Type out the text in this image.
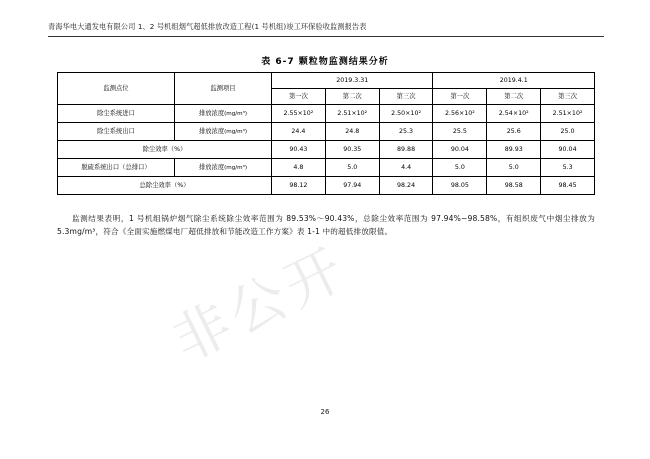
青海华电大通发电有限公司 1、2 号机组烟气超低排放改造工程(1 号机组)竣工环保验收监测报告表
表 6-7 颗粒物监测结果分析
监测点位	监测项目	2019.3.31			2019.4.1		
		第一次	第二次	第三次	第一次	第二次	第三次
除尘系统进口	排放浓度(mg/m³)	2.55×10²	2.51×10²	2.50×10²	2.56×10²	2.54×10²	2.51×10²
除尘系统出口	排放浓度(mg/m³)	24.4	24.8	25.3	25.5	25.6	25.0
除尘效率（%）		90.43	90.35	89.88	90.04	89.93	90.04
脱硫系统出口（总排口）	排放浓度(mg/m³)	4.8	5.0	4.4	5.0	5.0	5.3
总除尘效率（%）		98.12	97.94	98.24	98.05	98.58	98.45

监测结果表明，1 号机组锅炉烟气除尘系统除尘效率范围为 89.53%～90.43%，总除尘效率范围为 97.94%~98.58%，有组织废气中烟尘排放为 5.3mg/m³，符合《全面实施燃煤电厂超低排放和节能改造工作方案》表 1-1 中的超低排放限值。

非公开
26
